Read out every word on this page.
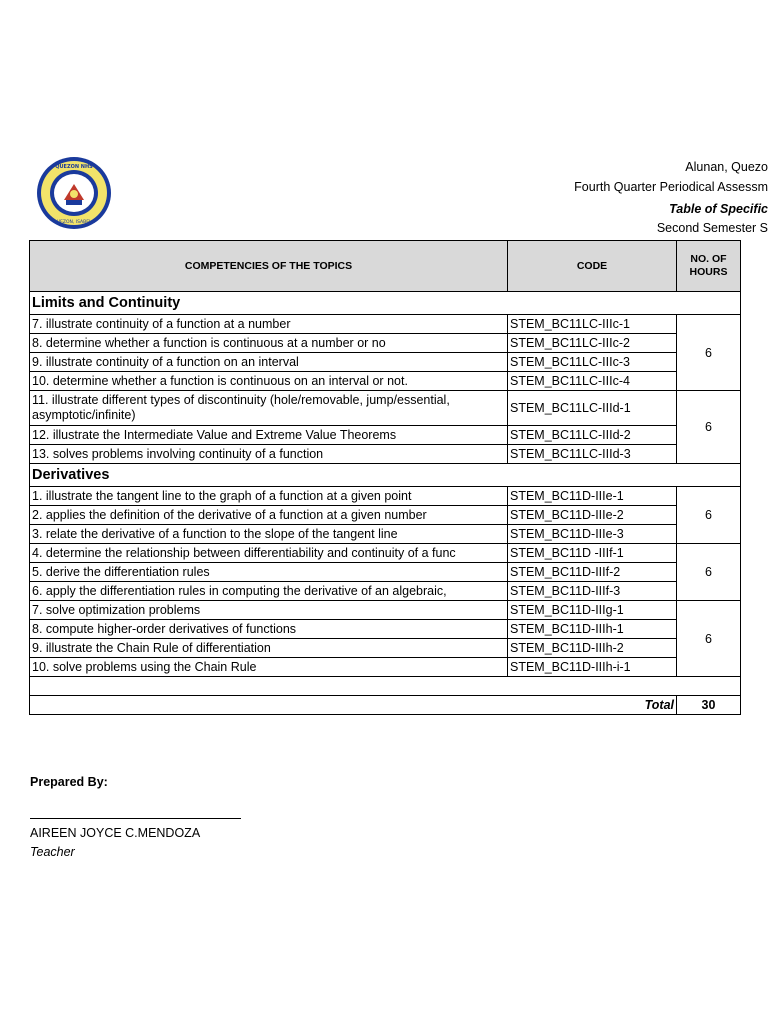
QUEZON NHS
QUEZON, ISABELA
Alunan, Quezo
Fourth Quarter Periodical Assessm
Table of Specific
Second Semester S
COMPETENCIES OF THE TOPICS	CODE	NO. OF HOURS
Limits and Continuity		
7. illustrate continuity of a function at a number	STEM_BC11LC-IIIc-1	6
8. determine whether a function is continuous at a number or no	STEM_BC11LC-IIIc-2	
9. illustrate continuity of a function on an interval	STEM_BC11LC-IIIc-3	
10. determine whether a function is continuous on an interval or not.	STEM_BC11LC-IIIc-4	
11. illustrate different types of discontinuity (hole/removable, jump/essential, asymptotic/infinite)	STEM_BC11LC-IIId-1	6
12. illustrate the Intermediate Value and Extreme Value Theorems	STEM_BC11LC-IIId-2	
13. solves problems involving continuity of a function	STEM_BC11LC-IIId-3	
Derivatives		
1. illustrate the tangent line to the graph of a function at a given point	STEM_BC11D-IIIe-1	6
2. applies the definition of the derivative of a function at a given number	STEM_BC11D-IIIe-2	
3. relate the derivative of a function to the slope of the tangent line	STEM_BC11D-IIIe-3	
4. determine the relationship between differentiability and continuity of a func	STEM_BC11D -IIIf-1	6
5. derive the differentiation rules	STEM_BC11D-IIIf-2	
6. apply the differentiation rules in computing the derivative of an algebraic,	STEM_BC11D-IIIf-3	
7. solve optimization problems	STEM_BC11D-IIIg-1	6
8. compute higher-order derivatives of functions	STEM_BC11D-IIIh-1	
9. illustrate the Chain Rule of differentiation	STEM_BC11D-IIIh-2	
10. solve problems using the Chain Rule	STEM_BC11D-IIIh-i-1	

Total		30
Prepared By:
AIREEN JOYCE C.MENDOZA
Teacher
